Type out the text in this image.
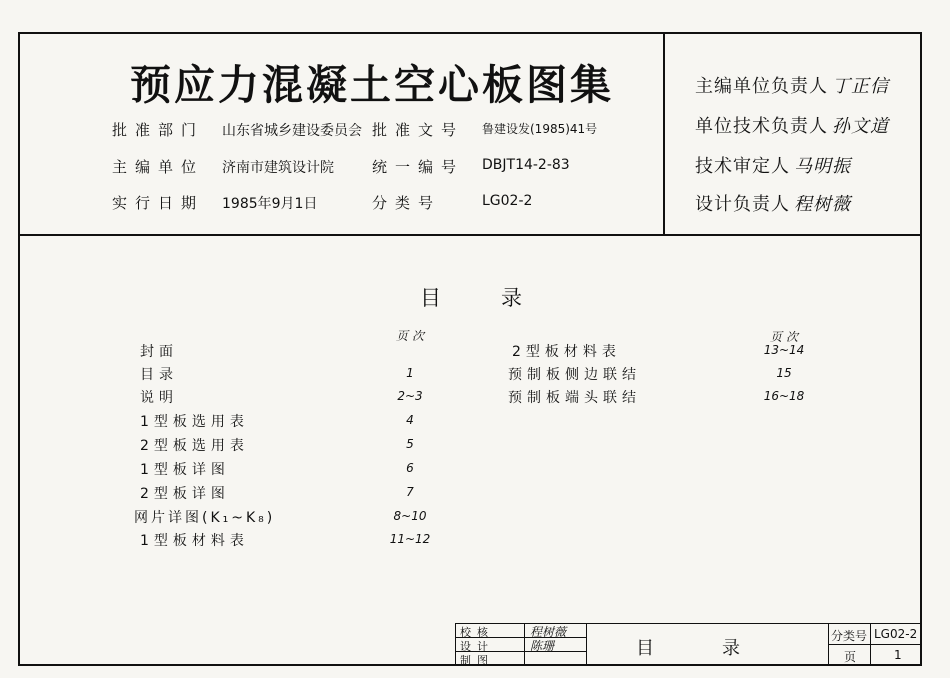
预应力混凝土空心板图集
批准部门 山东省城乡建设委员会 批准文号 鲁建设发(1985)41号
主编单位 济南市建筑设计院	统一编号 DBJT14-2-83
实行日期 1985年9月1日	分类号	LG02-2
主编单位负责人 丁正信
单位技术负责人 孙文道
技术审定人 马明振
设计负责人 程树薇
目录
页次	页次
封面
目录	1
说明	2~3
1型板选用表	4
2型板选用表	5
1型板详图	6
2型板详图	7
网片详图(K₁~K₈)	8~10
1型板材料表	11~12
2型板材料表	13~14
预制板侧边联结	15
预制板端头联结	16~18
校核	程树薇
设计	陈珊
制图
目录
分类号 LG02-2
页	1
